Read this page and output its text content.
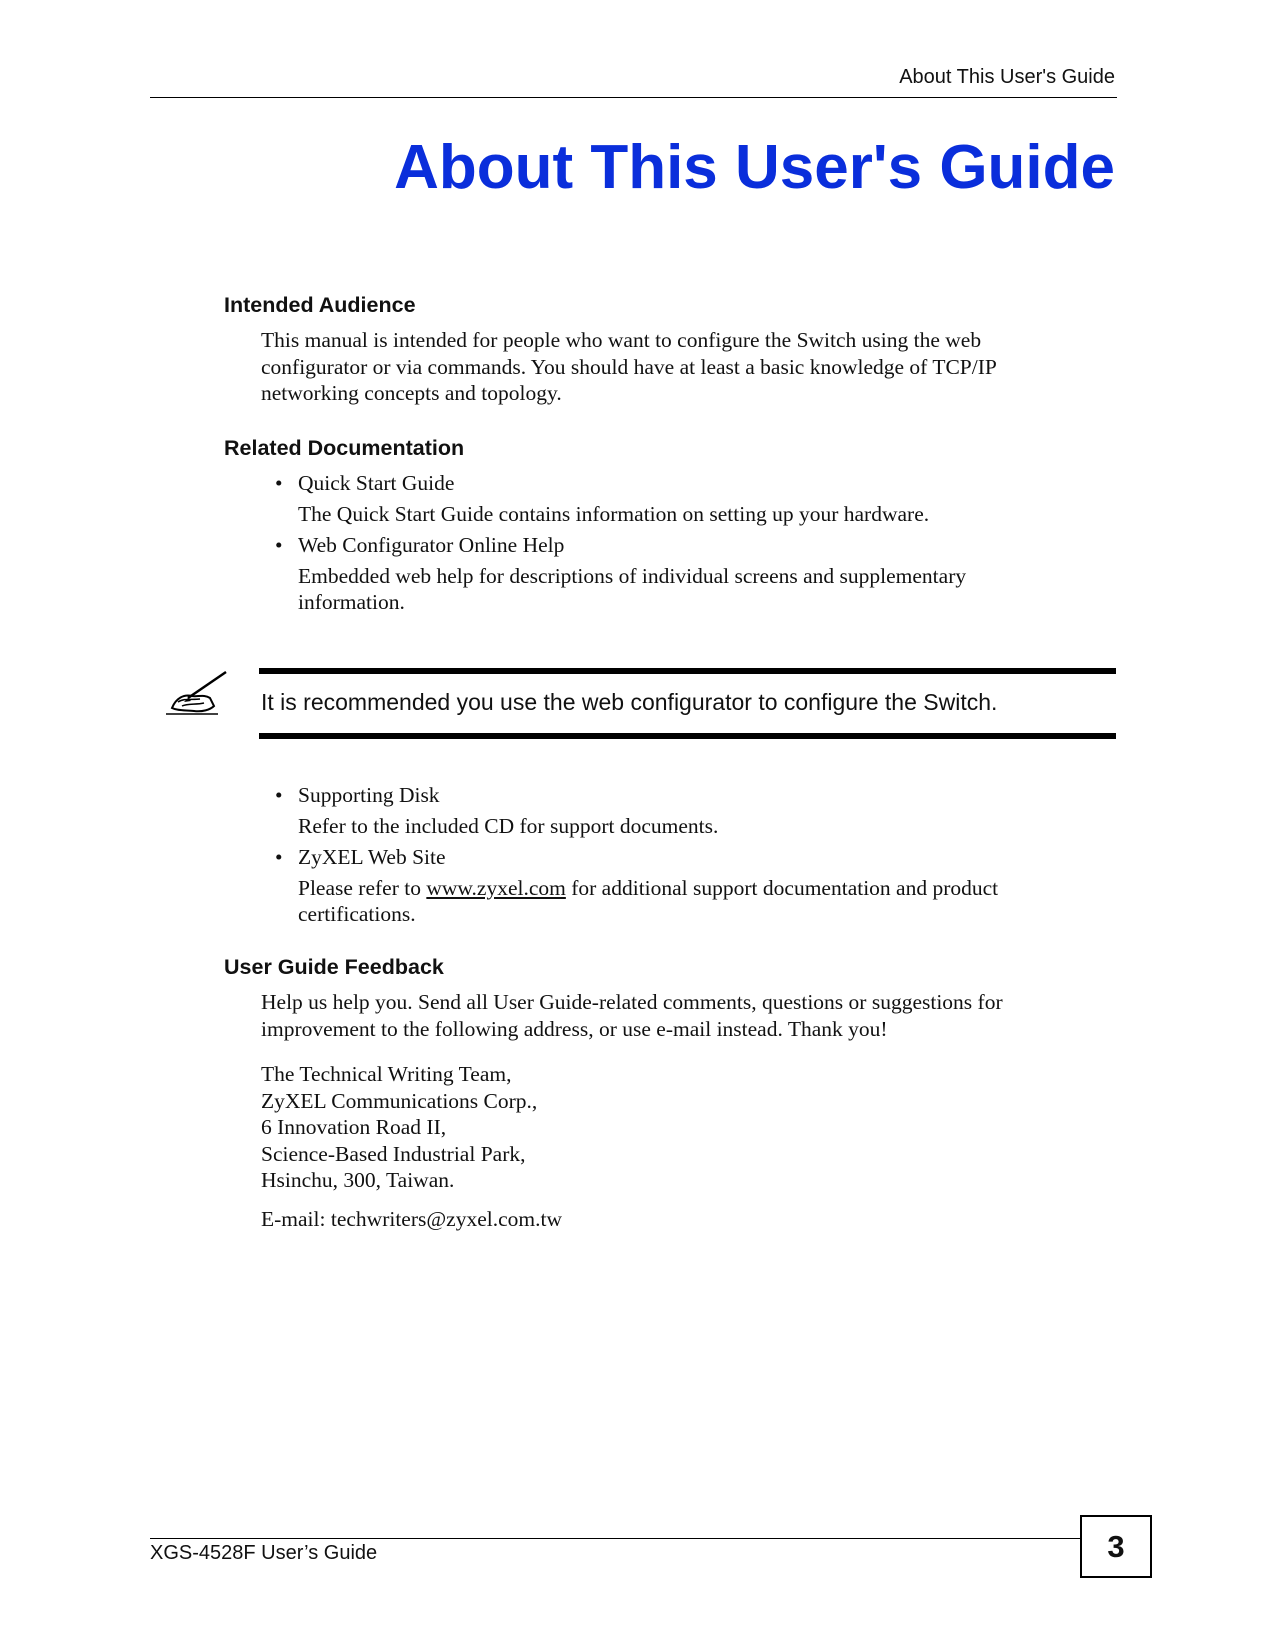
About This User's Guide
About This User's Guide
Intended Audience

This manual is intended for people who want to configure the Switch using the web configurator or via commands. You should have at least a basic knowledge of TCP/IP networking concepts and topology.

Related Documentation
• Quick Start Guide
The Quick Start Guide contains information on setting up your hardware.
• Web Configurator Online Help
Embedded web help for descriptions of individual screens and supplementary information.

It is recommended you use the web configurator to configure the Switch.

• Supporting Disk
Refer to the included CD for support documents.
• ZyXEL Web Site
Please refer to www.zyxel.com for additional support documentation and product certifications.
User Guide Feedback

Help us help you. Send all User Guide-related comments, questions or suggestions for improvement to the following address, or use e-mail instead. Thank you!

The Technical Writing Team,
ZyXEL Communications Corp.,
6 Innovation Road II,
Science-Based Industrial Park,
Hsinchu, 300, Taiwan.
E-mail: techwriters@zyxel.com.tw
XGS-4528F User’s Guide	3
